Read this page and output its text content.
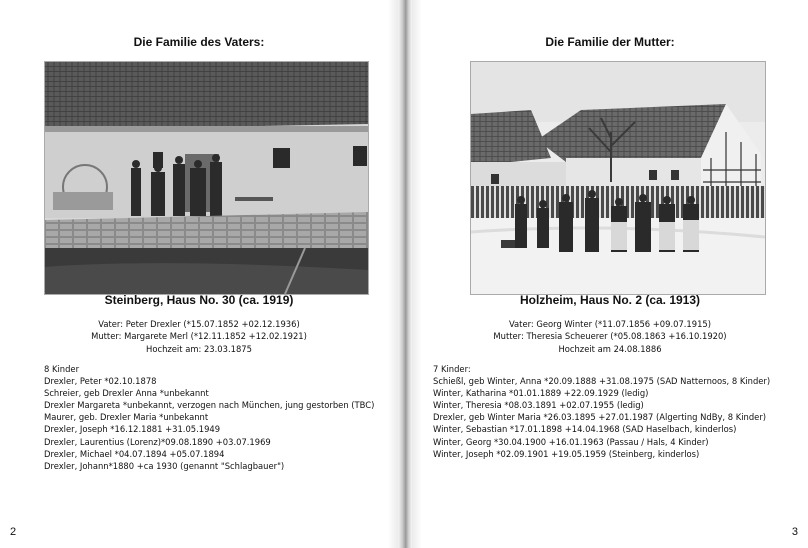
Die Familie des Vaters:
Steinberg, Haus No. 30 (ca. 1919)
Vater: Peter Drexler (*15.07.1852 +02.12.1936)
Mutter: Margarete Merl (*12.11.1852 +12.02.1921)
Hochzeit am: 23.03.1875
8 Kinder
Drexler, Peter *02.10.1878
Schreier, geb Drexler Anna *unbekannt
Drexler Margareta *unbekannt, verzogen nach München, jung gestorben (TBC)
Maurer, geb. Drexler Maria *unbekannt
Drexler, Joseph *16.12.1881 +31.05.1949
Drexler, Laurentius (Lorenz)*09.08.1890 +03.07.1969
Drexler, Michael *04.07.1894 +05.07.1894
Drexler, Johann*1880 +ca 1930 (genannt "Schlagbauer")
2
Die Familie der Mutter:
Holzheim, Haus No. 2 (ca. 1913)
Vater: Georg Winter (*11.07.1856 +09.07.1915)
Mutter: Theresia Scheuerer (*05.08.1863 +16.10.1920)
Hochzeit am 24.08.1886
7 Kinder:
Schießl, geb Winter, Anna *20.09.1888 +31.08.1975 (SAD Natternoos, 8 Kinder)
Winter, Katharina *01.01.1889 +22.09.1929 (ledig)
Winter, Theresia *08.03.1891 +02.07.1955 (ledig)
Drexler, geb Winter Maria *26.03.1895 +27.01.1987 (Algerting NdBy, 8 Kinder)
Winter, Sebastian *17.01.1898 +14.04.1968 (SAD Haselbach, kinderlos)
Winter, Georg *30.04.1900 +16.01.1963 (Passau / Hals, 4 Kinder)
Winter, Joseph *02.09.1901 +19.05.1959 (Steinberg, kinderlos)
3
